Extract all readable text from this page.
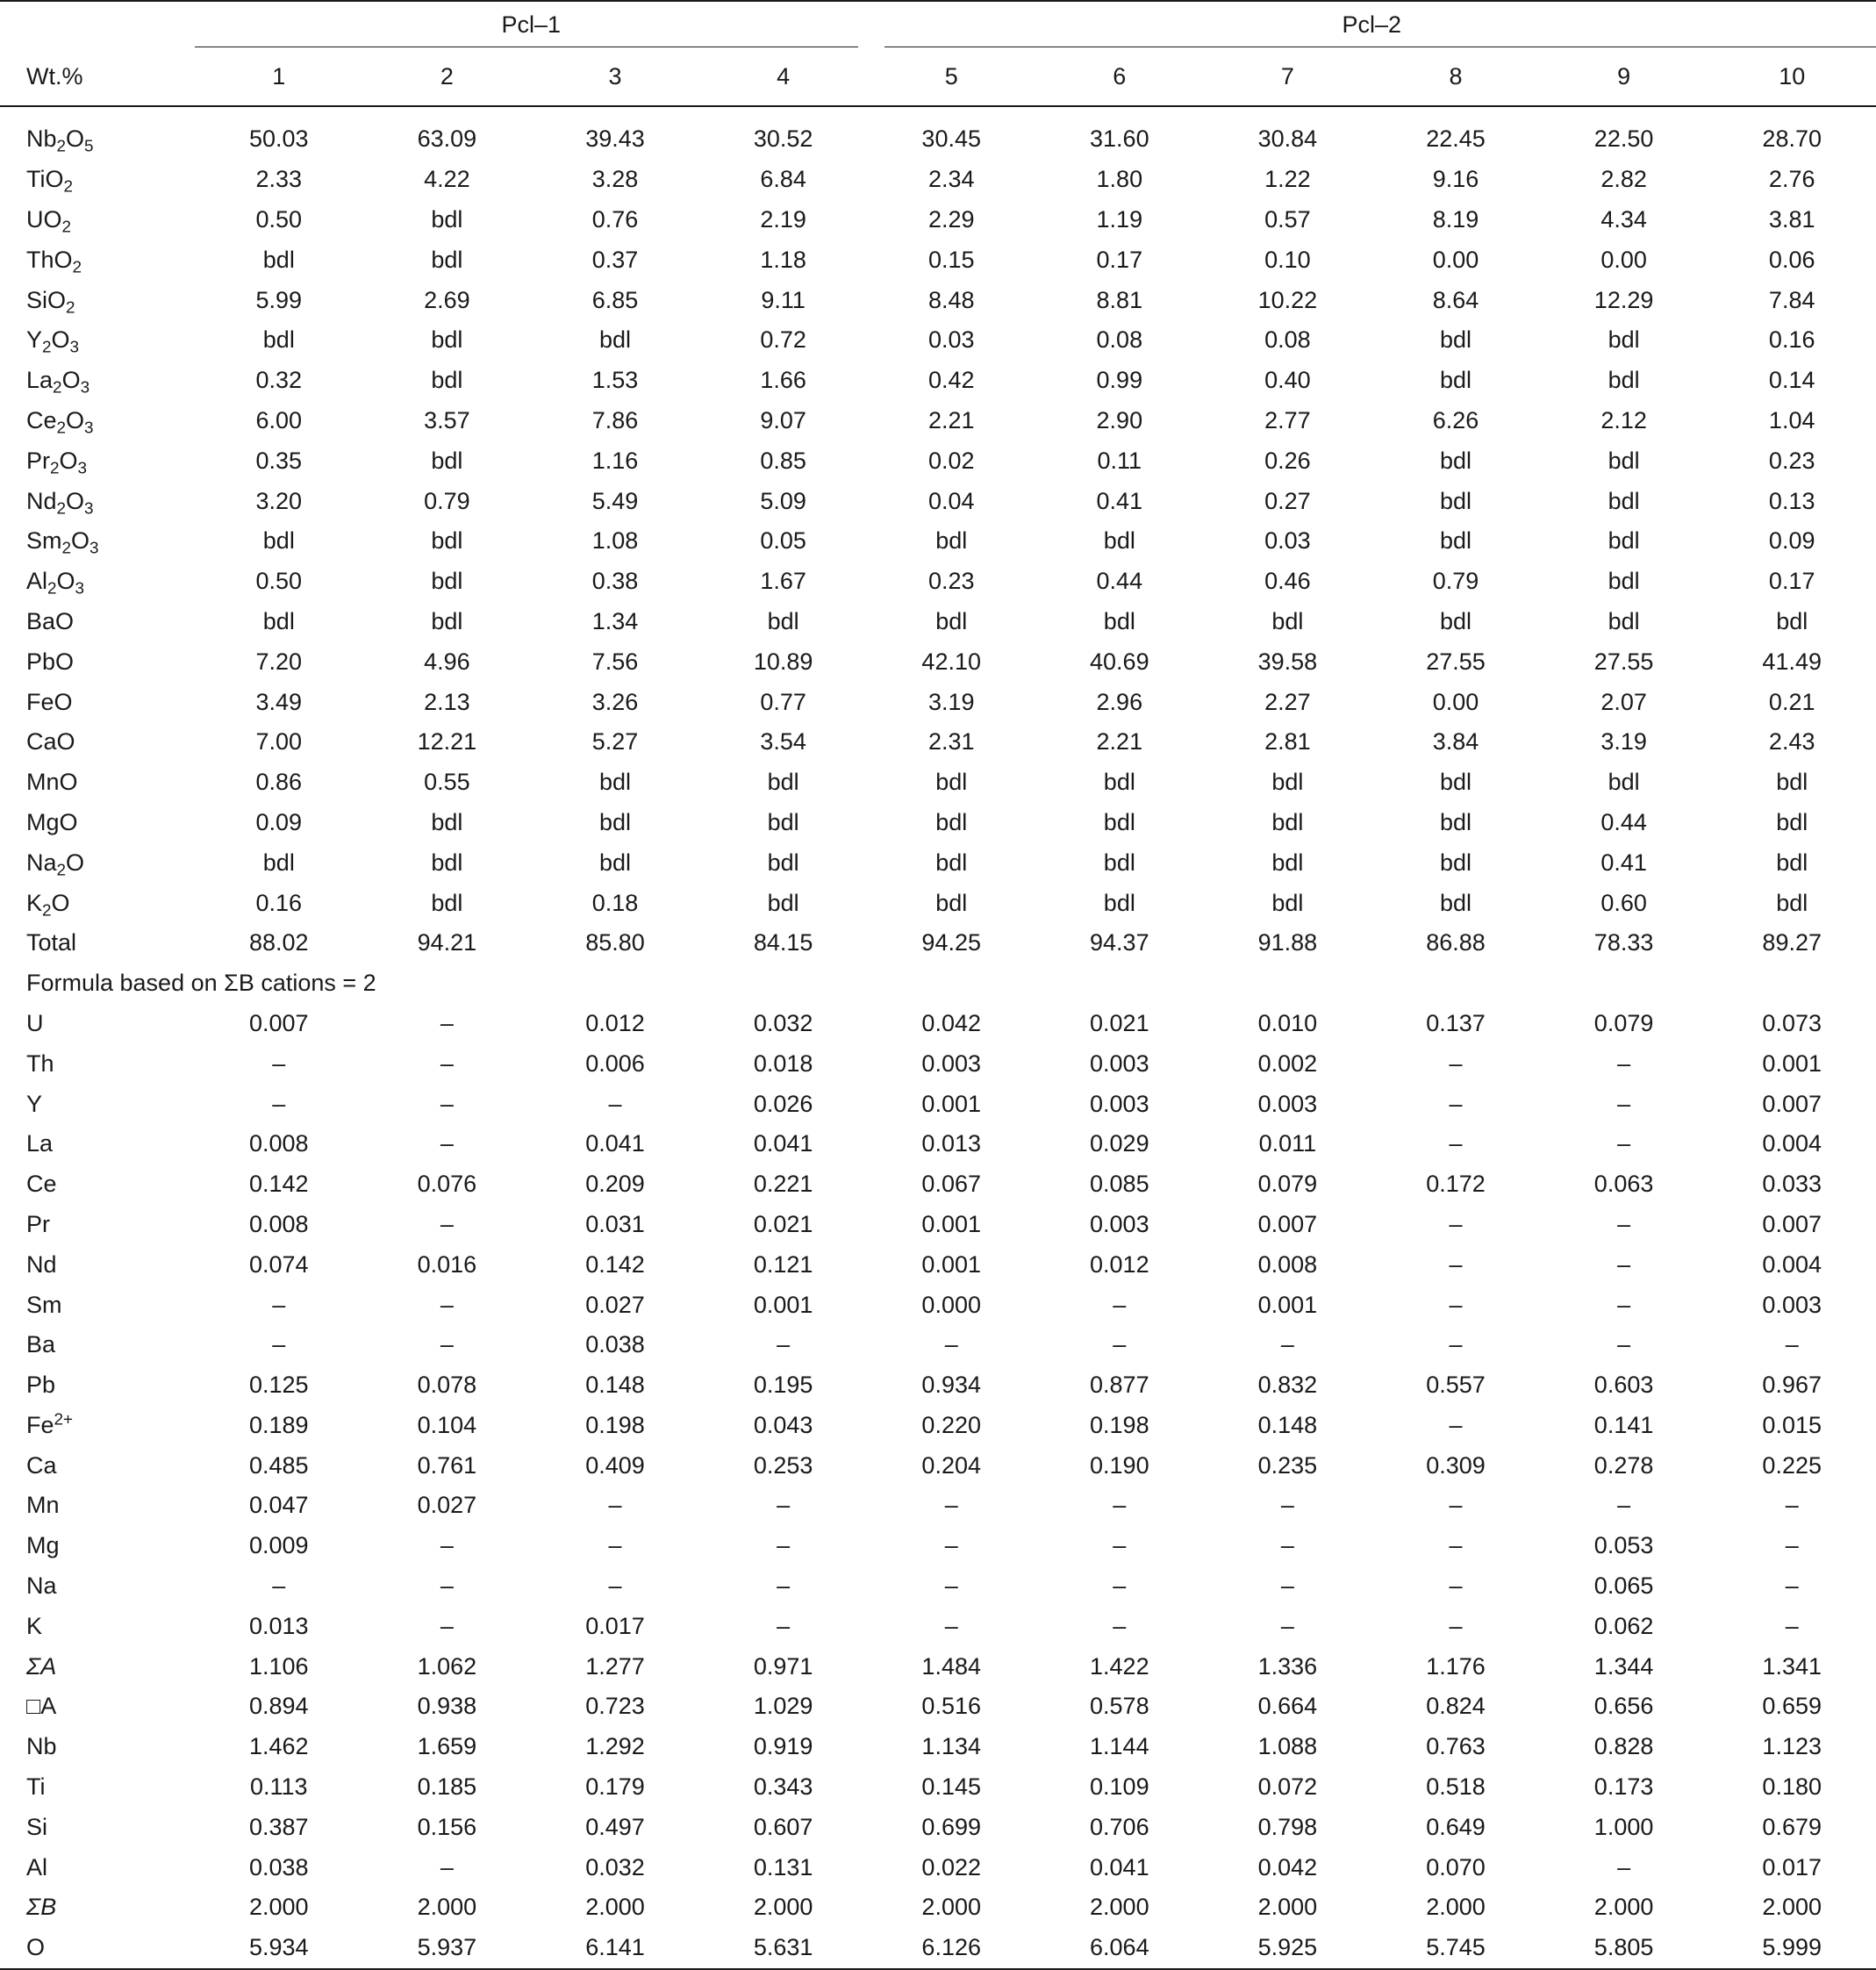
	Pcl–1				Pcl–2					

Wt.%	1	2	3	4	5	6	7	8	9	10
$Nb_2O_5$	50.03	63.09	39.43	30.52	30.45	31.60	30.84	22.45	22.50	28.70
TiO$_2$	2.33	4.22	3.28	6.84	2.34	1.80	1.22	9.16	2.82	2.76
$UO_2$	0.50	bdl	0.76	2.19	2.29	1.19	0.57	8.19	4.34	3.81
ThO$_2$	bdl	bdl	0.37	1.18	0.15	0.17	0.10	0.00	0.00	0.06
SiO$_2$	5.99	2.69	6.85	9.11	8.48	8.81	10.22	8.64	12.29	7.84
$Y_2O_3$	bdl	bdl	bdl	0.72	0.03	0.08	0.08	bdl	bdl	0.16
$La_2O_3$	0.32	bdl	1.53	1.66	0.42	0.99	0.40	bdl	bdl	0.14
$Ce_2O_3$	6.00	3.57	7.86	9.07	2.21	2.90	2.77	6.26	2.12	1.04
$Pr_2O_3$	0.35	bdl	1.16	0.85	0.02	0.11	0.26	bdl	bdl	0.23
$Nd_2O_3$	3.20	0.79	5.49	5.09	0.04	0.41	0.27	bdl	bdl	0.13
$Sm_2O_3$	bdl	bdl	1.08	0.05	bdl	bdl	0.03	bdl	bdl	0.09
$Al_2O_3$	0.50	bdl	0.38	1.67	0.23	0.44	0.46	0.79	bdl	0.17
BaO	bdl	bdl	1.34	bdl	bdl	bdl	bdl	bdl	bdl	bdl
PbO	7.20	4.96	7.56	10.89	42.10	40.69	39.58	27.55	27.55	41.49
FeO	3.49	2.13	3.26	0.77	3.19	2.96	2.27	0.00	2.07	0.21
CaO	7.00	12.21	5.27	3.54	2.31	2.21	2.81	3.84	3.19	2.43
MnO	0.86	0.55	bdl	bdl	bdl	bdl	bdl	bdl	bdl	bdl
MgO	0.09	bdl	bdl	bdl	bdl	bdl	bdl	bdl	0.44	bdl
$Na_2O$	bdl	bdl	bdl	bdl	bdl	bdl	bdl	bdl	0.41	bdl
$K_2O$	0.16	bdl	0.18	bdl	bdl	bdl	bdl	bdl	0.60	bdl
Total	88.02	94.21	85.80	84.15	94.25	94.37	91.88	86.88	78.33	89.27
Formula based on ΣB cations = 2										
U	0.007	–	0.012	0.032	0.042	0.021	0.010	0.137	0.079	0.073
Th	–	–	0.006	0.018	0.003	0.003	0.002	–	–	0.001
Y	–	–	–	0.026	0.001	0.003	0.003	–	–	0.007
La	0.008	–	0.041	0.041	0.013	0.029	0.011	–	–	0.004
Ce	0.142	0.076	0.209	0.221	0.067	0.085	0.079	0.172	0.063	0.033
Pr	0.008	–	0.031	0.021	0.001	0.003	0.007	–	–	0.007
Nd	0.074	0.016	0.142	0.121	0.001	0.012	0.008	–	–	0.004
Sm	–	–	0.027	0.001	0.000	–	0.001	–	–	0.003
Ba	–	–	0.038	–	–	–	–	–	–	–
Pb	0.125	0.078	0.148	0.195	0.934	0.877	0.832	0.557	0.603	0.967
$Fe^{2+}$	0.189	0.104	0.198	0.043	0.220	0.198	0.148	–	0.141	0.015
Ca	0.485	0.761	0.409	0.253	0.204	0.190	0.235	0.309	0.278	0.225
Mn	0.047	0.027	–	–	–	–	–	–	–	–
Mg	0.009	–	–	–	–	–	–	–	0.053	–
Na	–	–	–	–	–	–	–	–	0.065	–
K	0.013	–	0.017	–	–	–	–	–	0.062	–
ΣA	1.106	1.062	1.277	0.971	1.484	1.422	1.336	1.176	1.344	1.341
□A	0.894	0.938	0.723	1.029	0.516	0.578	0.664	0.824	0.656	0.659
Nb	1.462	1.659	1.292	0.919	1.134	1.144	1.088	0.763	0.828	1.123
Ti	0.113	0.185	0.179	0.343	0.145	0.109	0.072	0.518	0.173	0.180
Si	0.387	0.156	0.497	0.607	0.699	0.706	0.798	0.649	1.000	0.679
Al	0.038	–	0.032	0.131	0.022	0.041	0.042	0.070	–	0.017
ΣB	2.000	2.000	2.000	2.000	2.000	2.000	2.000	2.000	2.000	2.000
O	5.934	5.937	6.141	5.631	6.126	6.064	5.925	5.745	5.805	5.999
